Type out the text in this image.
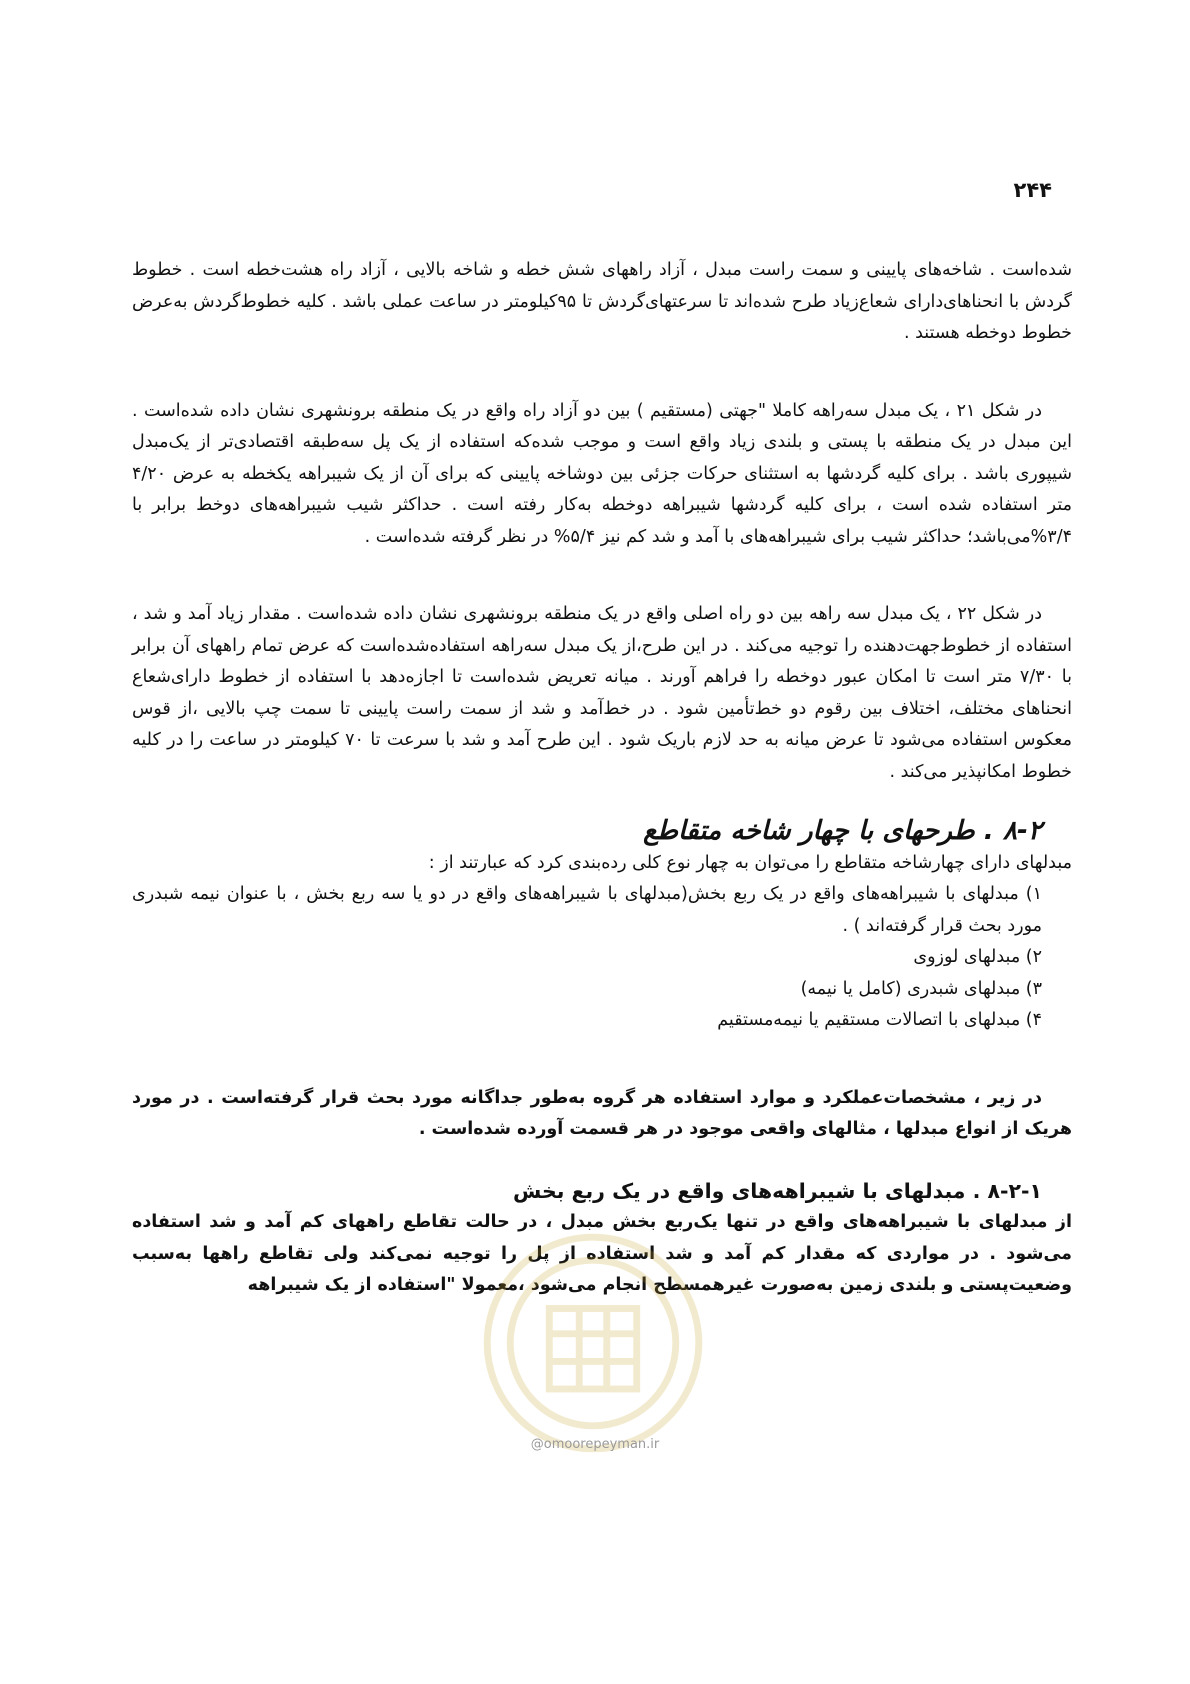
۲۴۴

شده‌است . شاخه‌های پایینی و سمت راست مبدل ، آزاد راههای شش خطه و شاخه بالایی ، آزاد راه هشت‌خطه است . خطوط گردش با انحناهای‌دارای شعاع‌زیاد طرح شده‌اند تا سرعتهای‌گردش تا ۹۵کیلومتر در ساعت عملی باشد . کلیه خطوط‌گردش به‌عرض خطوط دوخطه هستند .

در شکل ۲۱ ، یک مبدل سه‌راهه کاملا "جهتی (مستقیم ) بین دو آزاد راه واقع در یک منطقه برونشهری نشان داده شده‌است . این مبدل در یک منطقه با پستی و بلندی زیاد واقع است و موجب شده‌که استفاده از یک پل سه‌طبقه اقتصادی‌تر از یک‌مبدل شیپوری باشد . برای کلیه گردشها به استثنای حرکات جزئی بین دوشاخه پایینی که برای آن از یک شیبراهه یکخطه به عرض ۴/۲۰ متر استفاده شده است ، برای کلیه گردشها شیبراهه دوخطه به‌کار رفته است . حداکثر شیب شیبراهه‌های دوخط برابر با ۳/۴%می‌باشد؛ حداکثر شیب برای شیبراهه‌های با آمد و شد کم نیز ۵/۴% در نظر گرفته شده‌است .

در شکل ۲۲ ، یک مبدل سه راهه بین دو راه اصلی واقع در یک منطقه برونشهری نشان داده شده‌است . مقدار زیاد آمد و شد ، استفاده از خطوط‌جهت‌دهنده را توجیه می‌کند . در این طرح،از یک مبدل سه‌راهه استفاده‌شده‌است که عرض تمام راههای آن برابر با ۷/۳۰ متر است تا امکان عبور دوخطه را فراهم آورند . میانه تعریض شده‌است تا اجازه‌دهد با استفاده از خطوط دارای‌شعاع انحناهای مختلف، اختلاف بین رقوم دو خط‌تأمین شود . در خط‌آمد و شد از سمت راست پایینی تا سمت چپ بالایی ،از قوس معکوس استفاده می‌شود تا عرض میانه به حد لازم باریک شود . این طرح آمد و شد با سرعت تا ۷۰ کیلومتر در ساعت را در کلیه خطوط امکانپذیر می‌کند .

۸-۲ . طرحهای با چهار شاخه متقاطع

مبدلهای دارای چهارشاخه متقاطع را می‌توان به چهار نوع کلی رده‌بندی کرد که عبارتند از :

۱) مبدلهای با شیبراهه‌های واقع در یک ربع بخش(مبدلهای با شیبراهه‌های واقع در دو یا سه ربع بخش ، با عنوان نیمه شبدری مورد بحث قرار گرفته‌اند ) .
۲) مبدلهای لوزوی
۳) مبدلهای شبدری (کامل یا نیمه)
۴) مبدلهای با اتصالات مستقیم یا نیمه‌مستقیم

در زیر ، مشخصات‌عملکرد و موارد استفاده هر گروه به‌طور جداگانه مورد بحث قرار گرفته‌است . در مورد هریک از انواع مبدلها ، مثالهای واقعی موجود در هر قسمت آورده شده‌است .

۸-۲-۱ . مبدلهای با شیبراهه‌های واقع در یک ربع بخش

از مبدلهای با شیبراهه‌های واقع در تنها یک‌ربع بخش مبدل ، در حالت تقاطع راههای کم آمد و شد استفاده می‌شود . در مواردی که مقدار کم آمد و شد استفاده از پل را توجیه نمی‌کند ولی تقاطع راهها به‌سبب وضعیت‌پستی و بلندی زمین به‌صورت غیرهمسطح انجام می‌شود ،معمولا "استفاده از یک شیبراهه

@omoorepeyman.ir
